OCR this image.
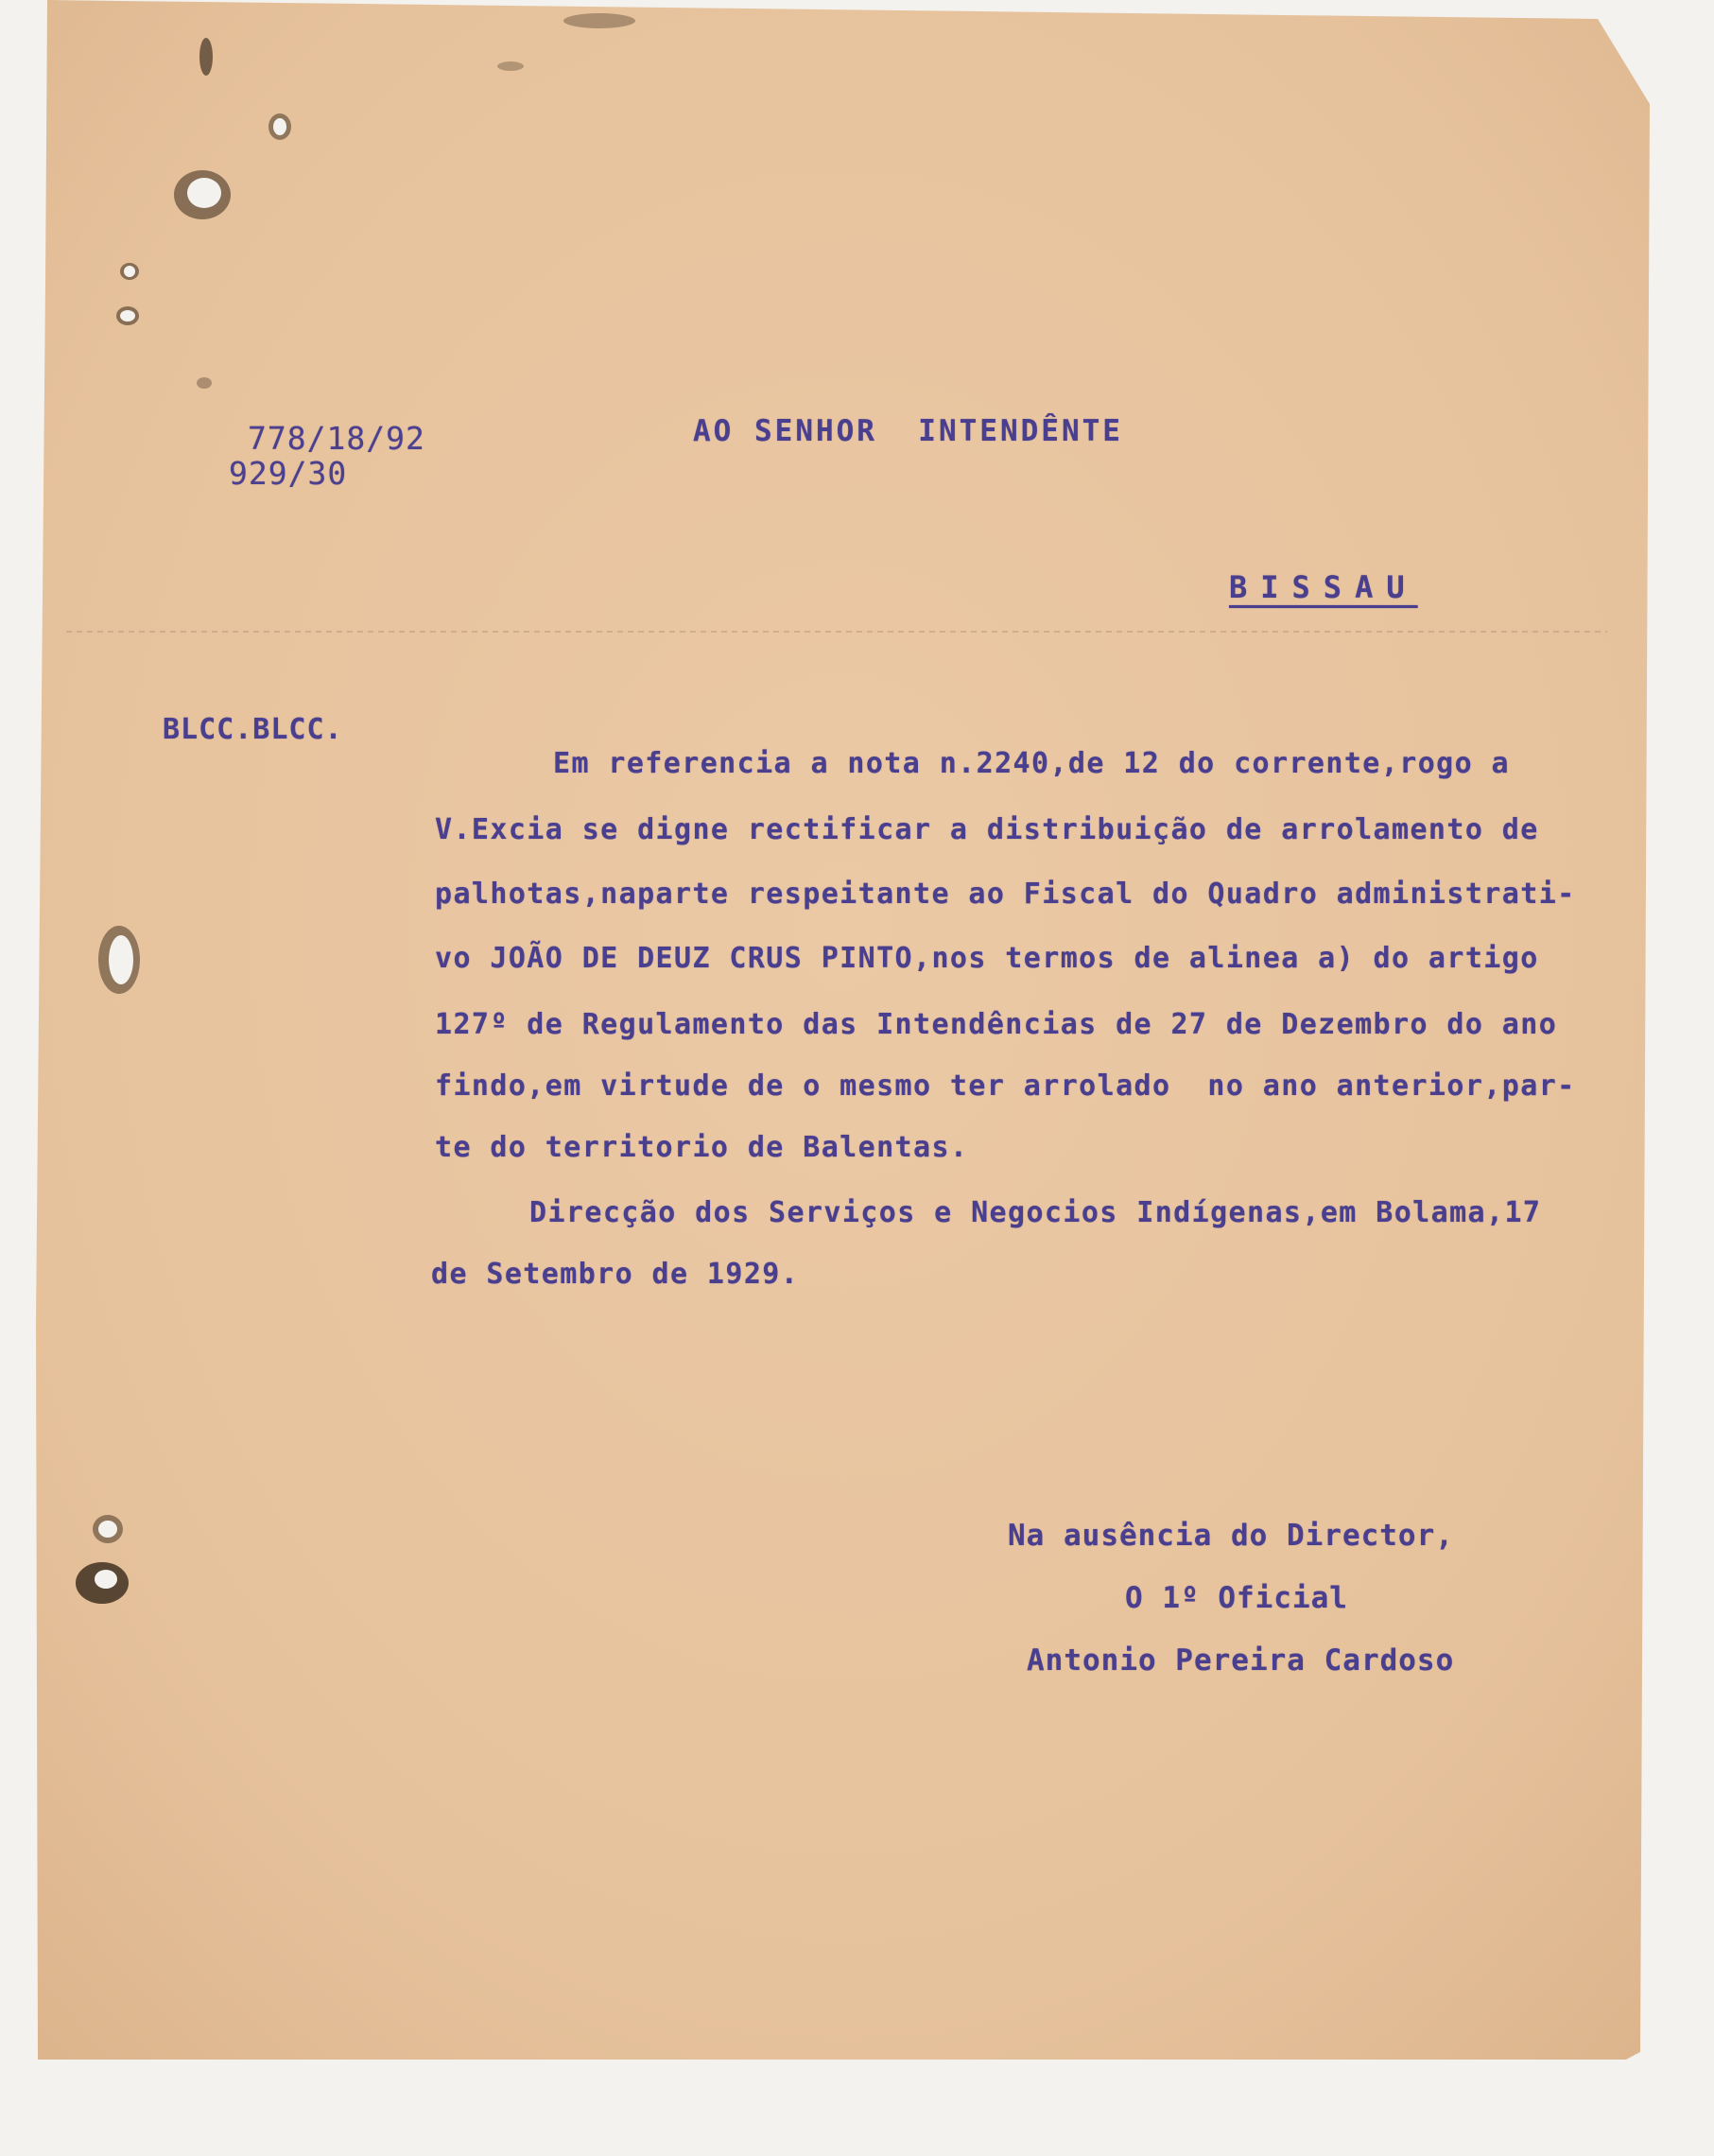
778/18/92
929/30
AO SENHOR  INTENDÊNTE
BISSAU
BLCC.BLCC.
Em referencia a nota n.2240,de 12 do corrente,rogo a
V.Excia se digne rectificar a distribuição de arrolamento de
palhotas,naparte respeitante ao Fiscal do Quadro administrati-
vo JOÃO DE DEUZ CRUS PINTO,nos termos de alinea a) do artigo
127º de Regulamento das Intendências de 27 de Dezembro do ano
findo,em virtude de o mesmo ter arrolado  no ano anterior,par-
te do territorio de Balentas.
Direcção dos Serviços e Negocios Indígenas,em Bolama,17
de Setembro de 1929.
Na ausência do Director,
O 1º Oficial
Antonio Pereira Cardoso
